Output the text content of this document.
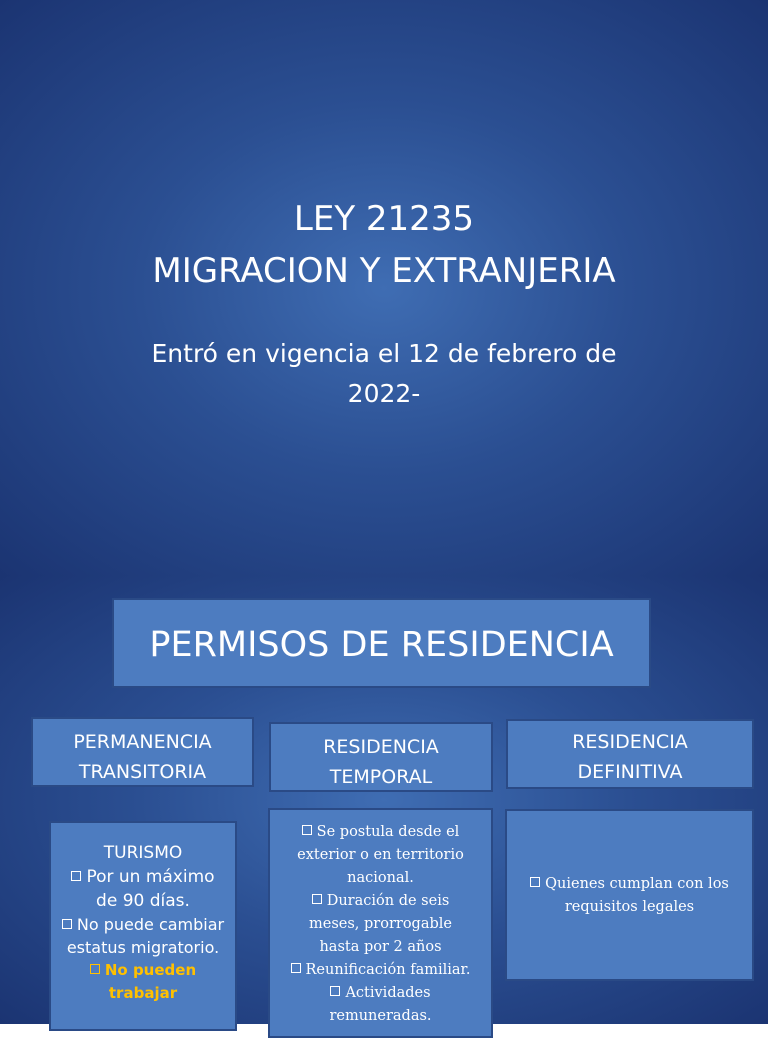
LEY 21235
MIGRACION Y EXTRANJERIA
Entró en vigencia el 12 de febrero de
2022-
PERMISOS DE RESIDENCIA
PERMANENCIA
TRANSITORIA
RESIDENCIA
TEMPORAL
RESIDENCIA
DEFINITIVA
TURISMO
Por un máximo
de 90 días.
No puede cambiar
estatus migratorio.
No pueden
trabajar
Se postula desde el
exterior o en territorio
nacional.
Duración de seis
meses, prorrogable
hasta por 2 años
Reunificación familiar.
Actividades
remuneradas.
Quienes cumplan con los
requisitos legales
